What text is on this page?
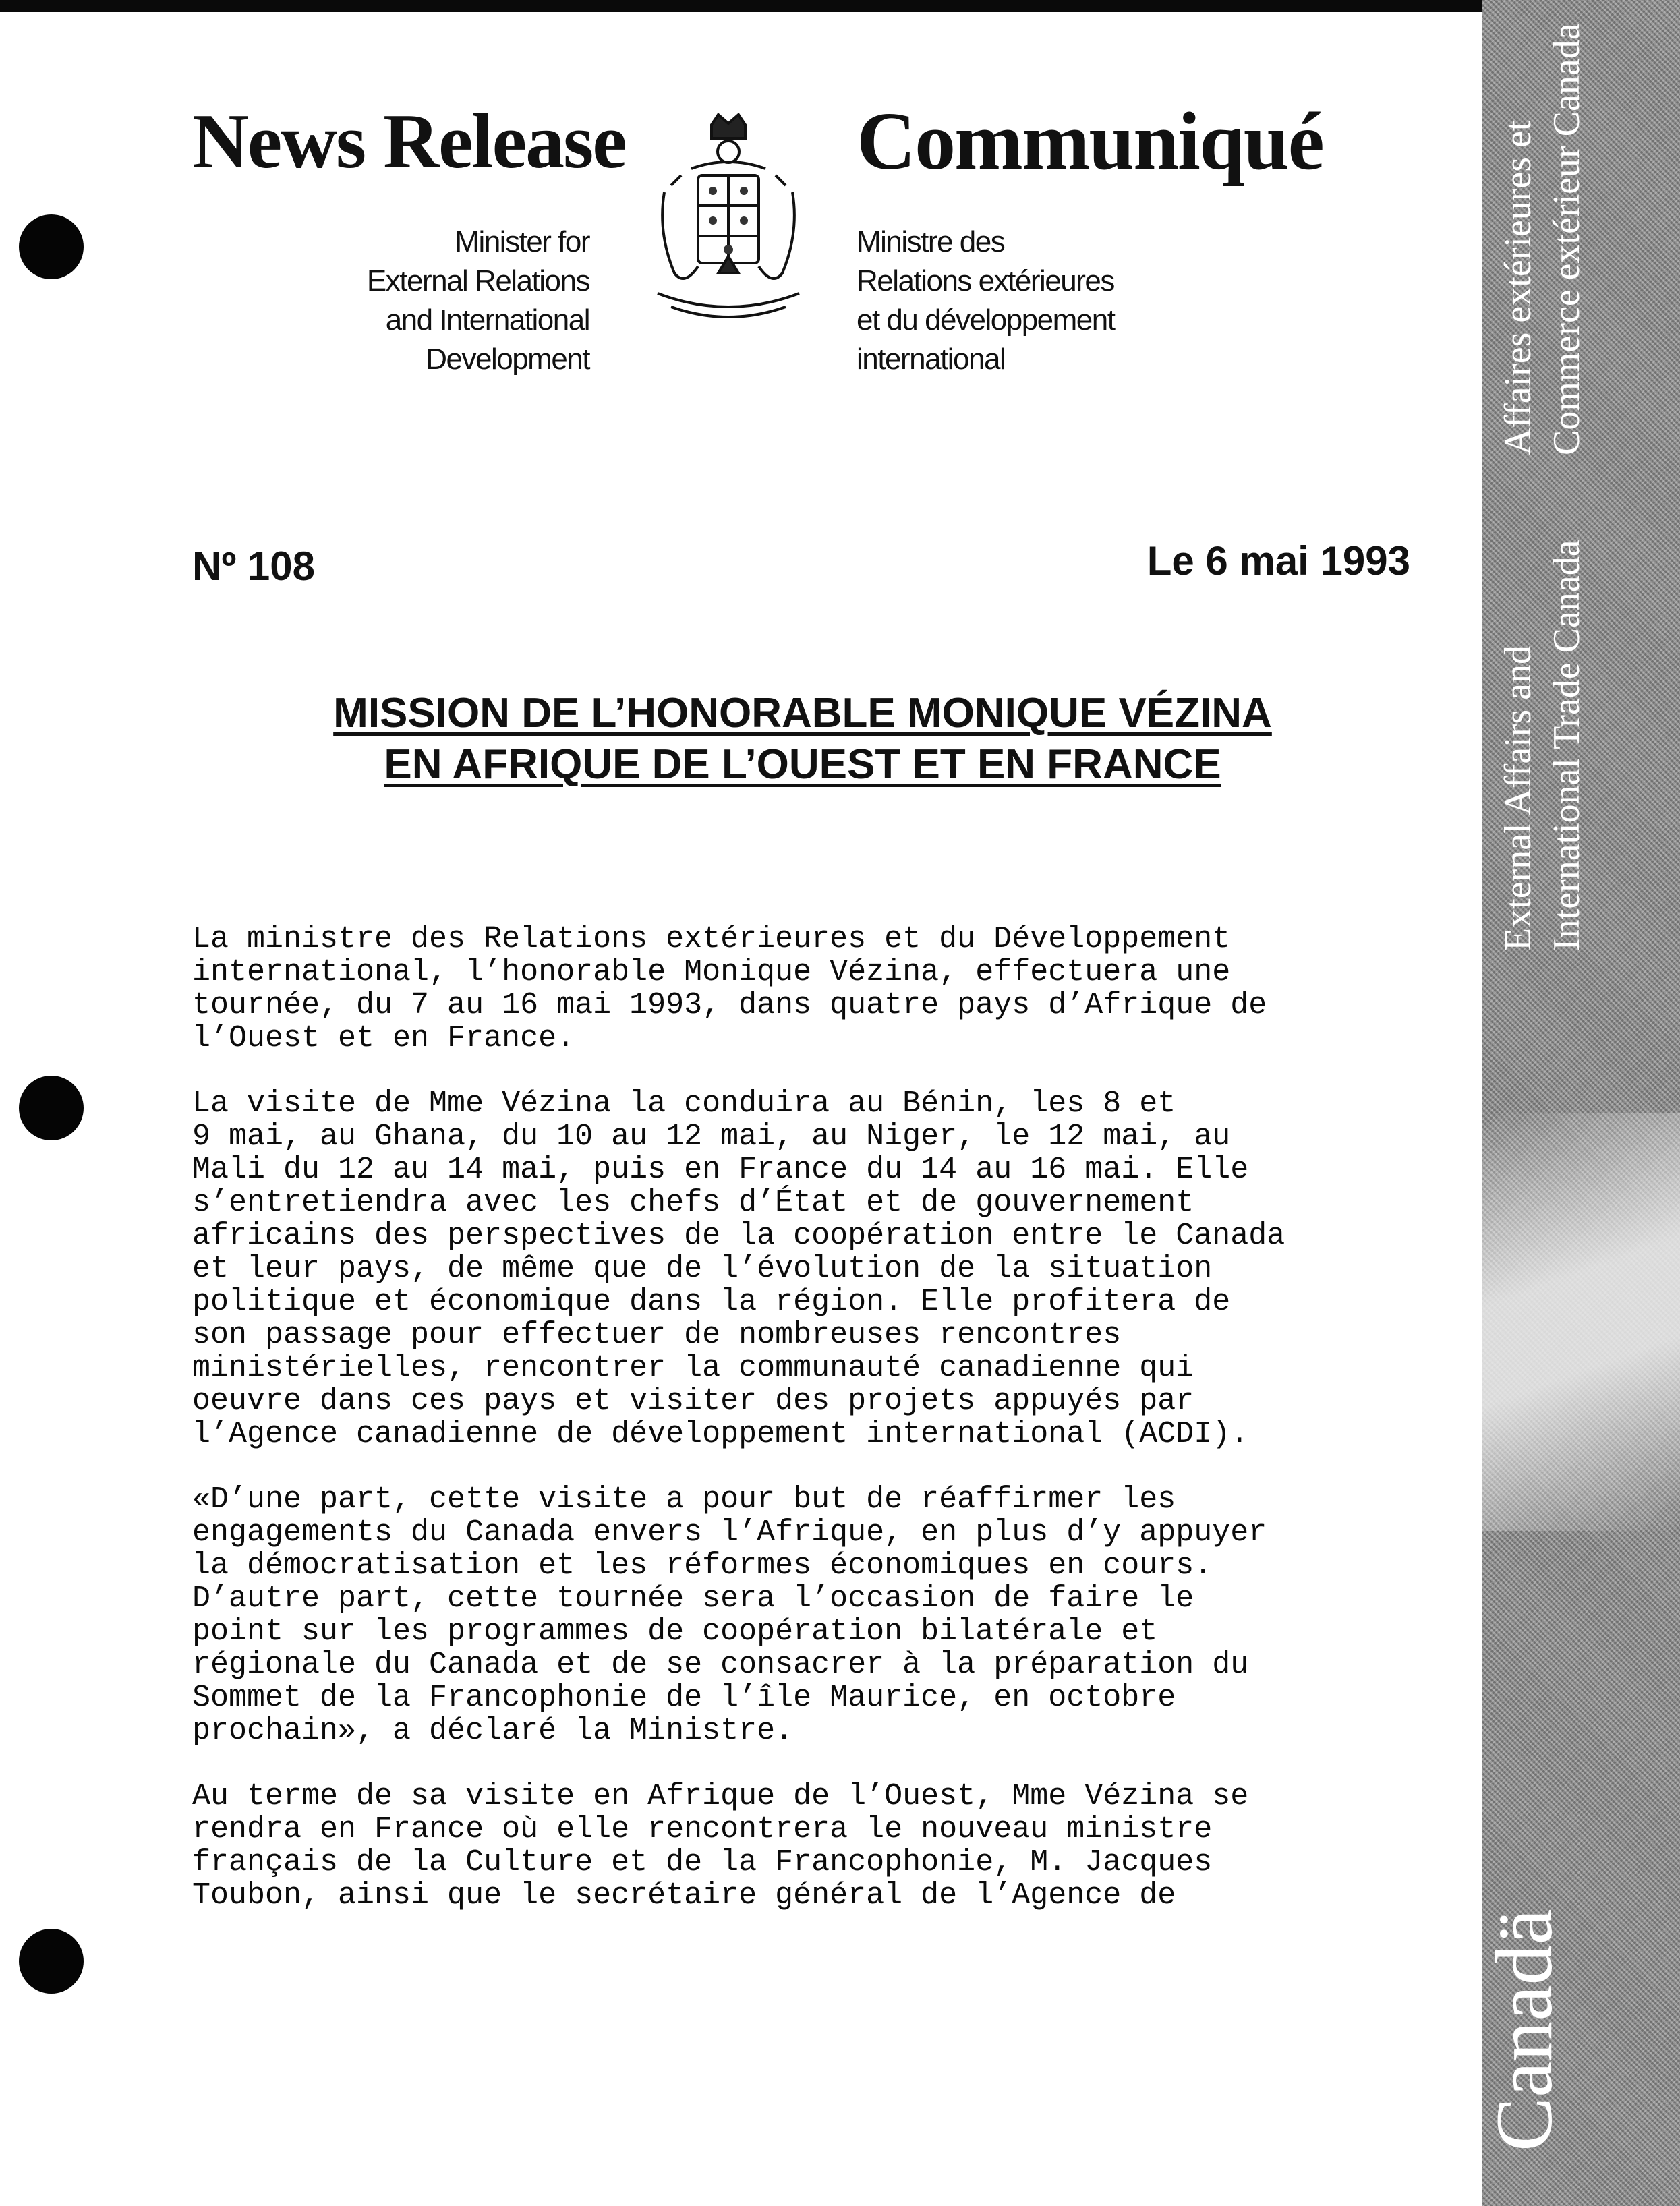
News Release	Communiqué
Minister for
External Relations
and International
Development
Ministre des
Relations extérieures
et du développement
international
Nº 108	Le 6 mai 1993
MISSION DE L’HONORABLE MONIQUE VÉZINA
EN AFRIQUE DE L’OUEST ET EN FRANCE
La ministre des Relations extérieures et du Développement
international, l’honorable Monique Vézina, effectuera une
tournée, du 7 au 16 mai 1993, dans quatre pays d’Afrique de
l’Ouest et en France.
La visite de Mme Vézina la conduira au Bénin, les 8 et
9 mai, au Ghana, du 10 au 12 mai, au Niger, le 12 mai, au
Mali du 12 au 14 mai, puis en France du 14 au 16 mai. Elle
s’entretiendra avec les chefs d’État et de gouvernement
africains des perspectives de la coopération entre le Canada
et leur pays, de même que de l’évolution de la situation
politique et économique dans la région. Elle profitera de
son passage pour effectuer de nombreuses rencontres
ministérielles, rencontrer la communauté canadienne qui
oeuvre dans ces pays et visiter des projets appuyés par
l’Agence canadienne de développement international (ACDI).
«D’une part, cette visite a pour but de réaffirmer les
engagements du Canada envers l’Afrique, en plus d’y appuyer
la démocratisation et les réformes économiques en cours.
D’autre part, cette tournée sera l’occasion de faire le
point sur les programmes de coopération bilatérale et
régionale du Canada et de se consacrer à la préparation du
Sommet de la Francophonie de l’île Maurice, en octobre
prochain», a déclaré la Ministre.
Au terme de sa visite en Afrique de l’Ouest, Mme Vézina se
rendra en France où elle rencontrera le nouveau ministre
français de la Culture et de la Francophonie, M. Jacques
Toubon, ainsi que le secrétaire général de l’Agence de
External Affairs and International Trade Canada
Affaires extérieures et Commerce extérieur Canada
Canadä
